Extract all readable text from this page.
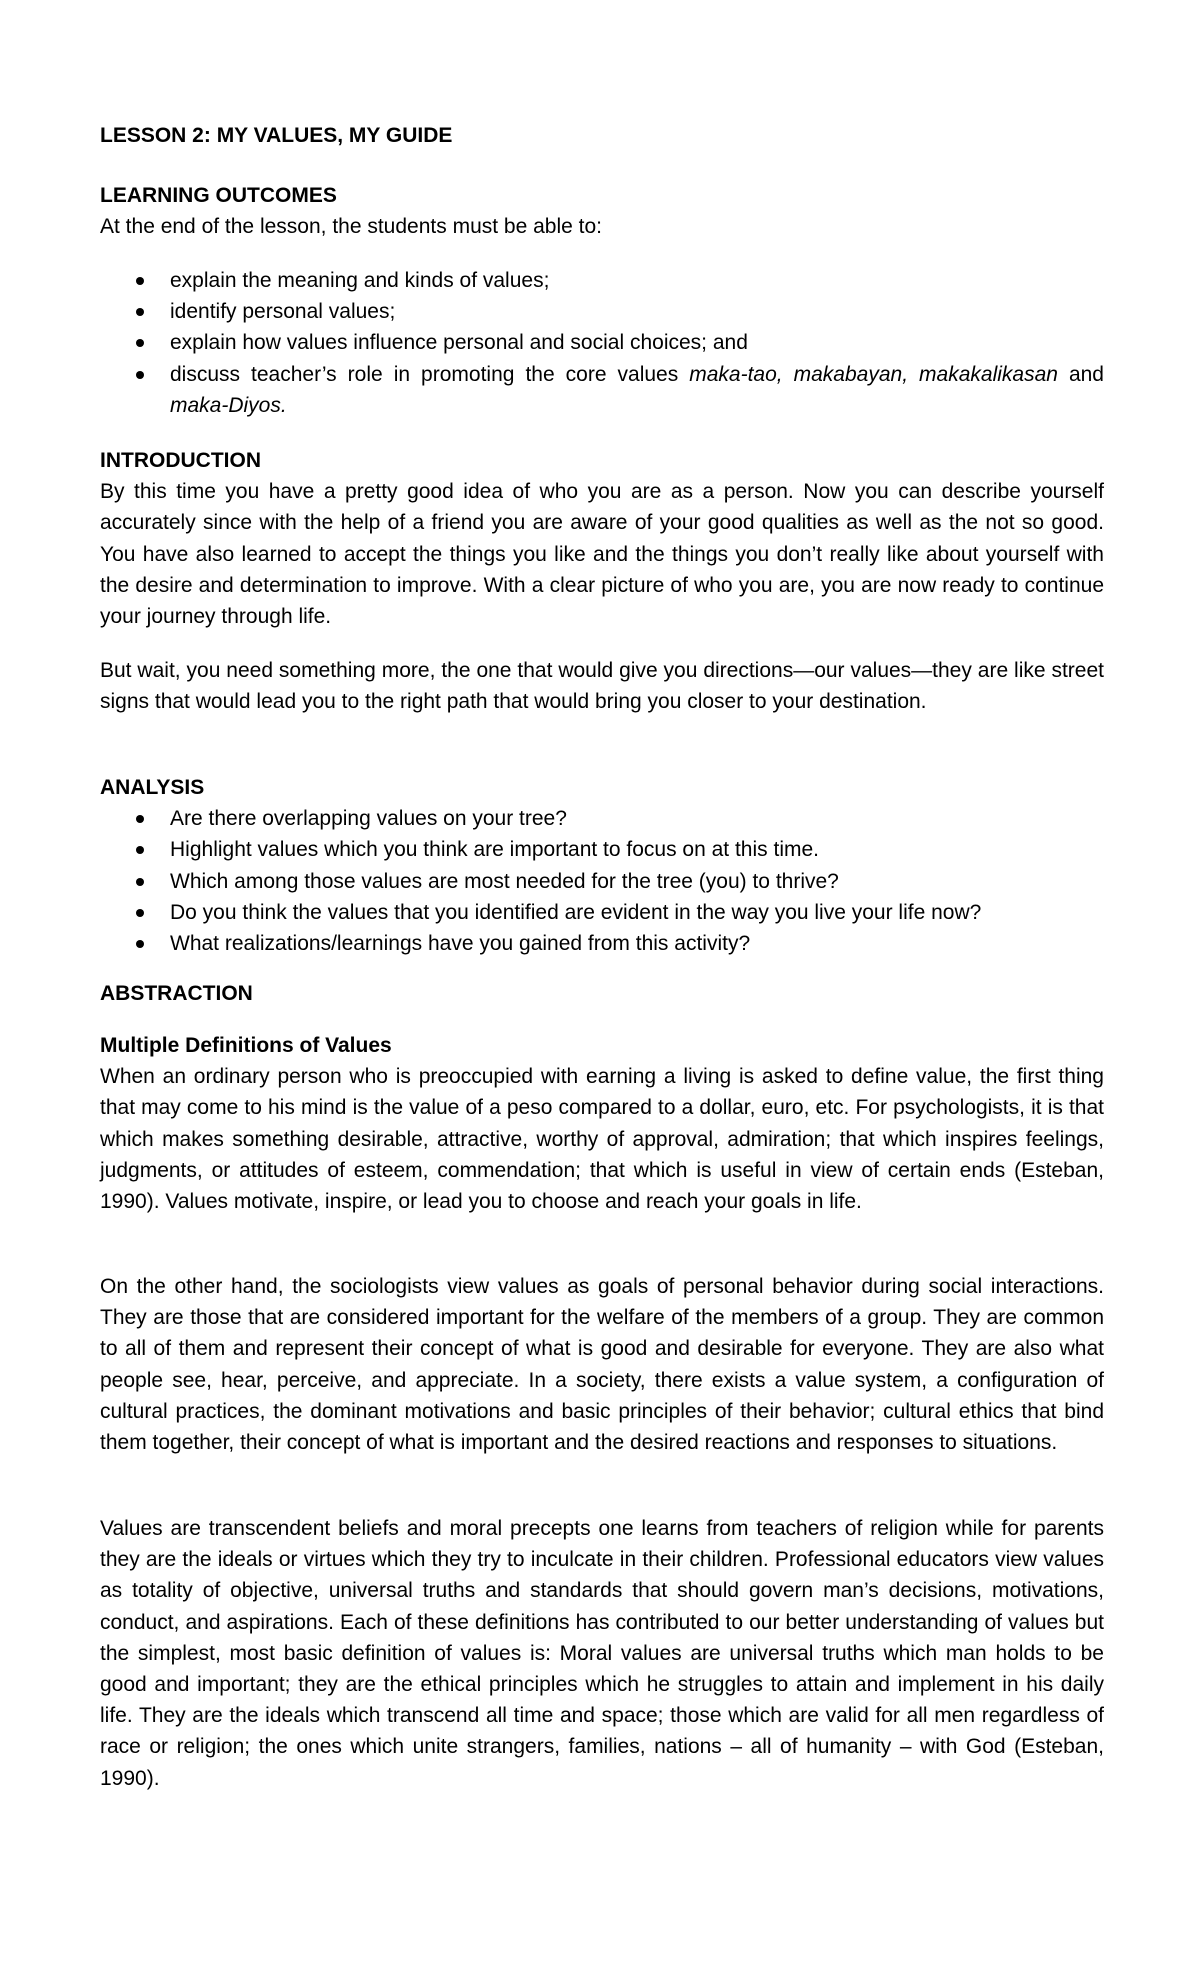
LESSON 2: MY VALUES, MY GUIDE
LEARNING OUTCOMES
At the end of the lesson, the students must be able to:
explain the meaning and kinds of values;
identify personal values;
explain how values influence personal and social choices; and
discuss teacher’s role in promoting the core values maka-tao, makabayan, makakalikasan and maka-Diyos.
INTRODUCTION

By this time you have a pretty good idea of who you are as a person. Now you can describe yourself accurately since with the help of a friend you are aware of your good qualities as well as the not so good. You have also learned to accept the things you like and the things you don’t really like about yourself with the desire and determination to improve. With a clear picture of who you are, you are now ready to continue your journey through life.

But wait, you need something more, the one that would give you directions—our values—they are like street signs that would lead you to the right path that would bring you closer to your destination.

ANALYSIS
Are there overlapping values on your tree?
Highlight values which you think are important to focus on at this time.
Which among those values are most needed for the tree (you) to thrive?
Do you think the values that you identified are evident in the way you live your life now?
What realizations/learnings have you gained from this activity?
ABSTRACTION
Multiple Definitions of Values

When an ordinary person who is preoccupied with earning a living is asked to define value, the first thing that may come to his mind is the value of a peso compared to a dollar, euro, etc. For psychologists, it is that which makes something desirable, attractive, worthy of approval, admiration; that which inspires feelings, judgments, or attitudes of esteem, commendation; that which is useful in view of certain ends (Esteban, 1990). Values motivate, inspire, or lead you to choose and reach your goals in life.

On the other hand, the sociologists view values as goals of personal behavior during social interactions. They are those that are considered important for the welfare of the members of a group. They are common to all of them and represent their concept of what is good and desirable for everyone. They are also what people see, hear, perceive, and appreciate. In a society, there exists a value system, a configuration of cultural practices, the dominant motivations and basic principles of their behavior; cultural ethics that bind them together, their concept of what is important and the desired reactions and responses to situations.

Values are transcendent beliefs and moral precepts one learns from teachers of religion while for parents they are the ideals or virtues which they try to inculcate in their children. Professional educators view values as totality of objective, universal truths and standards that should govern man’s decisions, motivations, conduct, and aspirations. Each of these definitions has contributed to our better understanding of values but the simplest, most basic definition of values is: Moral values are universal truths which man holds to be good and important; they are the ethical principles which he struggles to attain and implement in his daily life. They are the ideals which transcend all time and space; those which are valid for all men regardless of race or religion; the ones which unite strangers, families, nations – all of humanity – with God (Esteban, 1990).
